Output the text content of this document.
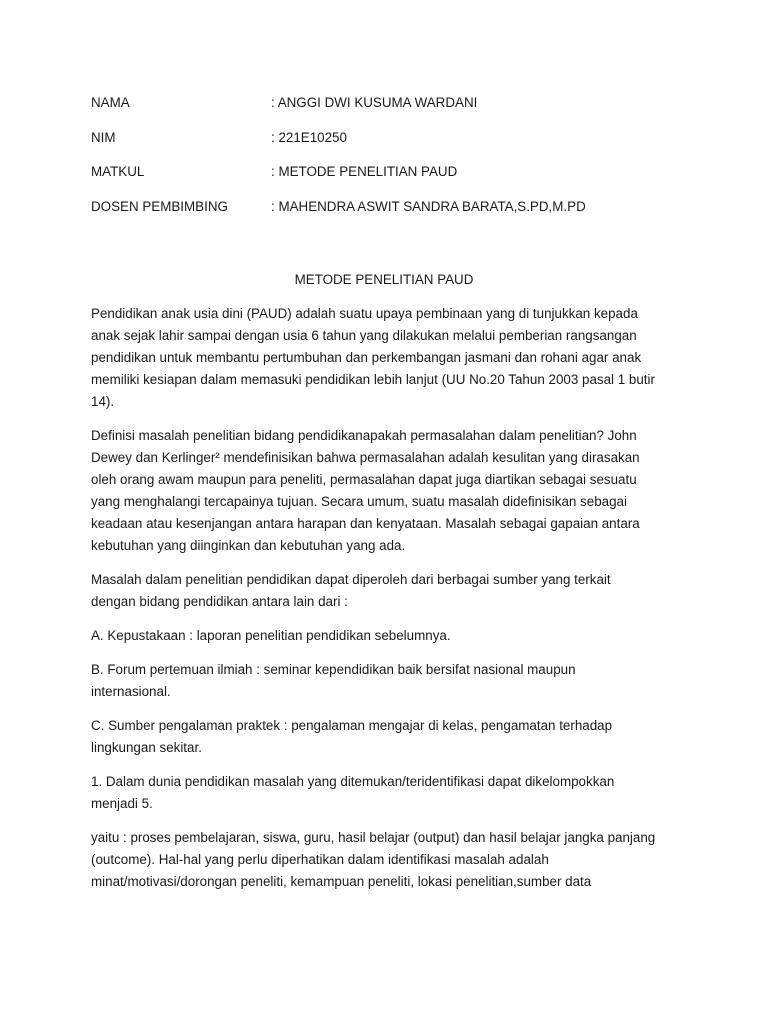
NAMA	: ANGGI DWI KUSUMA WARDANI
NIM	: 221E10250
MATKUL	: METODE PENELITIAN PAUD
DOSEN PEMBIMBING	: MAHENDRA ASWIT SANDRA BARATA,S.PD,M.PD
METODE PENELITIAN PAUD

Pendidikan anak usia dini (PAUD) adalah suatu upaya pembinaan yang di tunjukkan kepada
anak sejak lahir sampai dengan usia 6 tahun yang dilakukan melalui pemberian rangsangan
pendidikan untuk membantu pertumbuhan dan perkembangan jasmani dan rohani agar anak
memiliki kesiapan dalam memasuki pendidikan lebih lanjut (UU No.20 Tahun 2003 pasal 1 butir
14).

Definisi masalah penelitian bidang pendidikanapakah permasalahan dalam penelitian? John
Dewey dan Kerlinger² mendefinisikan bahwa permasalahan adalah kesulitan yang dirasakan
oleh orang awam maupun para peneliti, permasalahan dapat juga diartikan sebagai sesuatu
yang menghalangi tercapainya tujuan. Secara umum, suatu masalah didefinisikan sebagai
keadaan atau kesenjangan antara harapan dan kenyataan. Masalah sebagai gapaian antara
kebutuhan yang diinginkan dan kebutuhan yang ada.

Masalah dalam penelitian pendidikan dapat diperoleh dari berbagai sumber yang terkait
dengan bidang pendidikan antara lain dari :

A. Kepustakaan : laporan penelitian pendidikan sebelumnya.

B. Forum pertemuan ilmiah : seminar kependidikan baik bersifat nasional maupun
internasional.

C. Sumber pengalaman praktek : pengalaman mengajar di kelas, pengamatan terhadap
lingkungan sekitar.

1. Dalam dunia pendidikan masalah yang ditemukan/teridentifikasi dapat dikelompokkan
menjadi 5.

yaitu : proses pembelajaran, siswa, guru, hasil belajar (output) dan hasil belajar jangka panjang
(outcome). Hal-hal yang perlu diperhatikan dalam identifikasi masalah adalah
minat/motivasi/dorongan peneliti, kemampuan peneliti, lokasi penelitian,sumber data
